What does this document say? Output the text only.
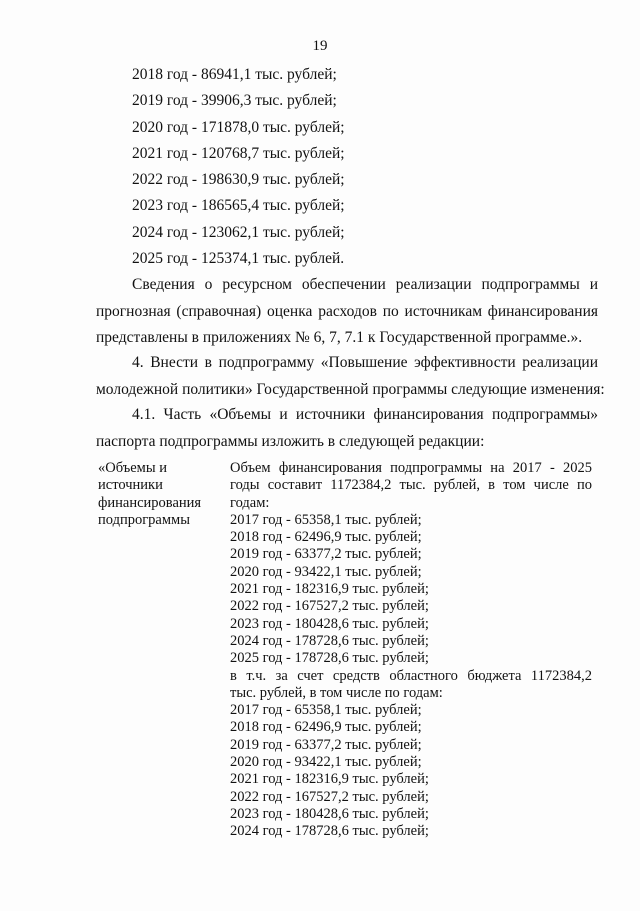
19
2018 год - 86941,1 тыс. рублей;
2019 год - 39906,3 тыс. рублей;
2020 год - 171878,0 тыс. рублей;
2021 год - 120768,7 тыс. рублей;
2022 год - 198630,9 тыс. рублей;
2023 год - 186565,4 тыс. рублей;
2024 год - 123062,1 тыс. рублей;
2025 год - 125374,1 тыс. рублей.

Сведения о ресурсном обеспечении реализации подпрограммы и
прогнозная (справочная) оценка расходов по источникам финансирования
представлены в приложениях № 6, 7, 7.1 к Государственной программе.».

4. Внести в подпрограмму «Повышение эффективности реализации
молодежной политики» Государственной программы следующие изменения:

4.1. Часть «Объемы и источники финансирования подпрограммы»
паспорта подпрограммы изложить в следующей редакции:

«Объемы и
источники
финансирования
подпрограммы
Объем финансирования подпрограммы на 2017 - 2025
годы составит 1172384,2 тыс. рублей, в том числе по
годам:
2017 год - 65358,1 тыс. рублей;
2018 год - 62496,9 тыс. рублей;
2019 год - 63377,2 тыс. рублей;
2020 год - 93422,1 тыс. рублей;
2021 год - 182316,9 тыс. рублей;
2022 год - 167527,2 тыс. рублей;
2023 год - 180428,6 тыс. рублей;
2024 год - 178728,6 тыс. рублей;
2025 год - 178728,6 тыс. рублей;
в т.ч. за счет средств областного бюджета 1172384,2
тыс. рублей, в том числе по годам:
2017 год - 65358,1 тыс. рублей;
2018 год - 62496,9 тыс. рублей;
2019 год - 63377,2 тыс. рублей;
2020 год - 93422,1 тыс. рублей;
2021 год - 182316,9 тыс. рублей;
2022 год - 167527,2 тыс. рублей;
2023 год - 180428,6 тыс. рублей;
2024 год - 178728,6 тыс. рублей;
